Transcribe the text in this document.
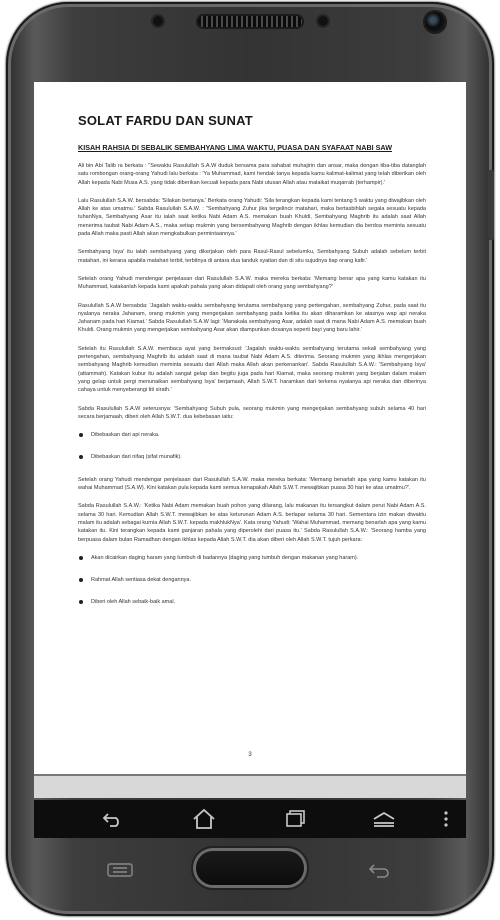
SOLAT FARDU DAN SUNAT
KISAH RAHSIA DI SEBALIK SEMBAHYANG LIMA WAKTU, PUASA DAN SYAFAAT NABI SAW

Ali bin Abi Talib ra berkata : "Sewaktu Rasulullah S.A.W duduk bersama para sahabat muhajirin dan ansar, maka dengan tiba-tiba datanglah satu rombongan orang-orang Yahudi lalu berkata : 'Ya Muhammad, kami hendak tanya kepada kamu kalimat-kalimat yang telah diberikan oleh Allah kepada Nabi Musa A.S. yang tidak diberikan kecuali kepada para Nabi utusan Allah atau malaikat muqarrab (terhampir).'

Lalu Rasulullah S.A.W. bersabda: 'Silakan bertanya.' Berkata orang Yahudi: 'Sila terangkan kepada kami tentang 5 waktu yang diwajibkan oleh Allah ke atas umatmu.' Sabda Rasulullah S.A.W. : "Sembahyang Zuhur jika tergelincir matahari, maka bertasbihlah segala sesuatu kepada tuhanNya, Sembahyang Asar itu ialah saat ketika Nabi Adam A.S. memakan buah Khuldi, Sembahyang Maghrib itu adalah saat Allah menerima taubat Nabi Adam A.S., maka setiap mukmin yang bersembahyang Maghrib dengan ikhlas kemudian dia berdoa meminta sesuatu pada Allah maka pasti Allah akan mengkabulkan permintaannya.'

Sembahyang Isya' itu ialah sembahyang yang dikerjakan oleh para Rasul-Rasul sebelumku, Sembahyang Subuh adalah sebelum terbit matahari, ini kerana apabila matahari terbit, terbitnya di antara dua tanduk syaitan dan di situ sujudnya tiap orang kafir.'

Setelah orang Yahudi mendengar penjelasan dari Rasulullah S.A.W. maka mereka berkata: 'Memang benar apa yang kamu katakan itu Muhammad, katakanlah kepada kami apakah pahala yang akan didapati oleh orang yang sembahyang?'

Rasulullah S.A.W bersabda: 'Jagalah waktu-waktu sembahyang terutama sembahyang yang pertengahan, sembahyang Zuhur, pada saat itu nyalanya neraka Jahanam, orang mukmin yang mengerjakan sembahyang pada ketika itu akan diharamkan ke atasnya wap api neraka Jahanam pada hari Kiamat.' Sabda Rasulullah S.A.W lagi: 'Manakala sembahyang Asar, adalah saat di mana Nabi Adam A.S. memakan buah Khuldi. Orang mukmin yang mengerjakan sembahyang Asar akan diampunkan dosanya seperti bayi yang baru lahir.'

Setelah itu Rasulullah S.A.W. membaca ayat yang bermaksud: 'Jagalah waktu-waktu sembahyang terutama sekali sembahyang yang pertengahan, sembahyang Maghrib itu adalah saat di mana taubat Nabi Adam A.S. diterima. Seorang mukmin yang ikhlas mengerjakan sembahyang Maghrib kemudian meminta sesuatu dari Allah maka Allah akan perkenankan'. Sabda Rasulullah S.A.W.: 'Sembahyang Isya' (attammah). Katakan kubur itu adalah sangat gelap dan begitu juga pada hari Kiamat, maka seorang mukmin yang berjalan dalam malam yang gelap untuk pergi menunaikan sembahyang Isya' berjamaah, Allah S.W.T. haramkan dari terkena nyalanya api neraka dan diberinya cahaya untuk menyeberangi titi sirath.'

Sabda Rasulullah S.A.W seterusnya: 'Sembahyang Subuh pula, seorang mukmin yang mengerjakan sembahyang subuh selama 40 hari secara berjamaah, diberi oleh Allah S.W.T. dua kebebasan iaitu:

Dibebaskan dari api neraka.
Dibebaskan dari nifaq (sifat munafik).

Setelah orang Yahudi mendengar penjelasan dari Rasulullah S.A.W. maka mereka berkata: 'Memang benarlah apa yang kamu katakan itu wahai Muhammad (S.A.W). Kini katakan pula kepada kami semua kenapakah Allah S.W.T. mewajibkan puasa 30 hari ke atas umatmu?'.

Sabda Rasulullah S.A.W.: 'Ketika Nabi Adam memakan buah pohon yang dilarang, lalu makanan itu tersangkut dalam perut Nabi Adam A.S. selama 30 hari. Kemudian Allah S.W.T. mewajibkan ke atas keturunan Adam A.S. berlapar selama 30 hari. Sementara izin makan diwaktu malam itu adalah sebagai kurnia Allah S.W.T. kepada makhlukNya'. Kata orang Yahudi: 'Wahai Muhammad, memang benarlah apa yang kamu katakan itu. Kini terangkan kepada kami ganjaran pahala yang diperolehi dari puasa itu.' Sabda Rasulullah S.A.W.: 'Seorang hamba yang berpuasa dalam bulan Ramadhan dengan ikhlas kepada Allah S.W.T. dia akan diberi oleh Allah S.W.T. tujuh perkara:

Akan dicairkan daging haram yang tumbuh di badannya (daging yang tumbuh dengan makanan yang haram).
Rahmat Allah sentiasa dekat dengannya.
Diberi oleh Allah sebaik-baik amal.
3
